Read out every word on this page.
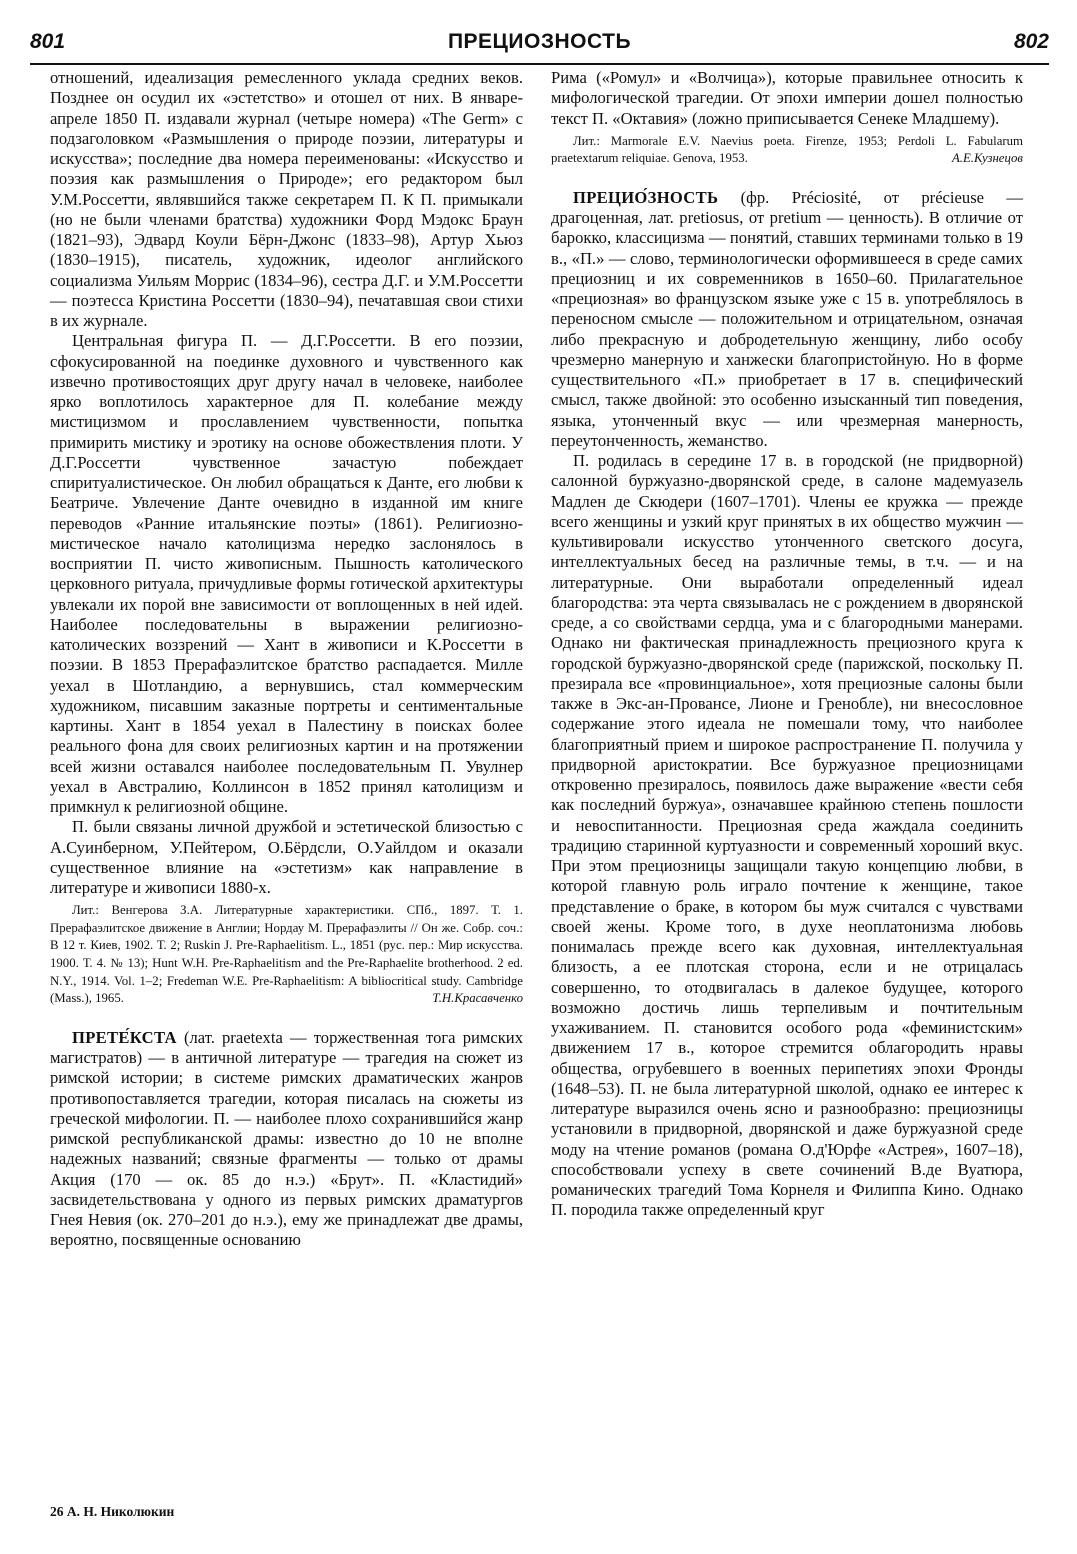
801	ПРЕЦИОЗНОСТЬ	802

отношений, идеализация ремесленного уклада средних веков. Позднее он осудил их «эстетство» и отошел от них. В январе-апреле 1850 П. издавали журнал (четыре номера) «The Germ» с подзаголовком «Размышления о природе поэзии, литературы и искусства»; последние два номера переименованы: «Искусство и поэзия как размышления о Природе»; его редактором был У.М.Россетти, являвшийся также секретарем П. К П. примыкали (но не были членами братства) художники Форд Мэдокс Браун (1821–93), Эдвард Коули Бёрн-Джонс (1833–98), Артур Хьюз (1830–1915), писатель, художник, идеолог английского социализма Уильям Моррис (1834–96), сестра Д.Г. и У.М.Россетти — поэтесса Кристина Россетти (1830–94), печатавшая свои стихи в их журнале.

Центральная фигура П. — Д.Г.Россетти. В его поэзии, сфокусированной на поединке духовного и чувственного как извечно противостоящих друг другу начал в человеке, наиболее ярко воплотилось характерное для П. колебание между мистицизмом и прославлением чувственности, попытка примирить мистику и эротику на основе обожествления плоти. У Д.Г.Россетти чувственное зачастую побеждает спиритуалистическое. Он любил обращаться к Данте, его любви к Беатриче. Увлечение Данте очевидно в изданной им книге переводов «Ранние итальянские поэты» (1861). Религиозно-мистическое начало католицизма нередко заслонялось в восприятии П. чисто живописным. Пышность католического церковного ритуала, причудливые формы готической архитектуры увлекали их порой вне зависимости от воплощенных в ней идей. Наиболее последовательны в выражении религиозно-католических воззрений — Хант в живописи и К.Россетти в поэзии. В 1853 Прерафаэлитское братство распадается. Милле уехал в Шотландию, а вернувшись, стал коммерческим художником, писавшим заказные портреты и сентиментальные картины. Хант в 1854 уехал в Палестину в поисках более реального фона для своих религиозных картин и на протяжении всей жизни оставался наиболее последовательным П. Увулнер уехал в Австралию, Коллинсон в 1852 принял католицизм и примкнул к религиозной общине.

П. были связаны личной дружбой и эстетической близостью с А.Суинберном, У.Пейтером, О.Бёрдсли, О.Уайлдом и оказали существенное влияние на «эстетизм» как направление в литературе и живописи 1880-х.

Лит.: Венгерова З.А. Литературные характеристики. СПб., 1897. Т. 1. Прерафаэлитское движение в Англии; Нордау М. Прерафаэлиты // Он же. Собр. соч.: В 12 т. Киев, 1902. Т. 2; Ruskin J. Pre-Raphaelitism. L., 1851 (рус. пер.: Мир искусства. 1900. Т. 4. № 13); Hunt W.H. Pre-Raphaelitism and the Pre-Raphaelite brotherhood. 2 ed. N.Y., 1914. Vol. 1–2; Fredeman W.E. Pre-Raphaelitism: A bibliocritical study. Cambridge (Mass.), 1965.	Т.Н.Красавченко

ПРЕТЕ́КСТА (лат. praetexta — торжественная тога римских магистратов) — в античной литературе — трагедия на сюжет из римской истории; в системе римских драматических жанров противопоставляется трагедии, которая писалась на сюжеты из греческой мифологии. П. — наиболее плохо сохранившийся жанр римской республиканской драмы: известно до 10 не вполне надежных названий; связные фрагменты — только от драмы Акция (170 — ок. 85 до н.э.) «Брут». П. «Кластидий» засвидетельствована у одного из первых римских драматургов Гнея Невия (ок. 270–201 до н.э.), ему же принадлежат две драмы, вероятно, посвященные основанию

Рима («Ромул» и «Волчица»), которые правильнее относить к мифологической трагедии. От эпохи империи дошел полностью текст П. «Октавия» (ложно приписывается Сенеке Младшему).

Лит.: Marmorale E.V. Naevius poeta. Firenze, 1953; Perdoli L. Fabularum praetextarum reliquiae. Genova, 1953.	А.Е.Кузнецов

ПРЕЦИО́ЗНОСТЬ (фр. Préciosité, от précieuse — драгоценная, лат. pretiosus, от pretium — ценность). В отличие от барокко, классицизма — понятий, ставших терминами только в 19 в., «П.» — слово, терминологически оформившееся в среде самих прециозниц и их современников в 1650–60. Прилагательное «прециозная» во французском языке уже с 15 в. употреблялось в переносном смысле — положительном и отрицательном, означая либо прекрасную и добродетельную женщину, либо особу чрезмерно манерную и ханжески благопристойную. Но в форме существительного «П.» приобретает в 17 в. специфический смысл, также двойной: это особенно изысканный тип поведения, языка, утонченный вкус — или чрезмерная манерность, переутонченность, жеманство.

П. родилась в середине 17 в. в городской (не придворной) салонной буржуазно-дворянской среде, в салоне мадемуазель Мадлен де Скюдери (1607–1701). Члены ее кружка — прежде всего женщины и узкий круг принятых в их общество мужчин — культивировали искусство утонченного светского досуга, интеллектуальных бесед на различные темы, в т.ч. — и на литературные. Они выработали определенный идеал благородства: эта черта связывалась не с рождением в дворянской среде, а со свойствами сердца, ума и с благородными манерами. Однако ни фактическая принадлежность прециозного круга к городской буржуазно-дворянской среде (парижской, поскольку П. презирала все «провинциальное», хотя прециозные салоны были также в Экс-ан-Провансе, Лионе и Гренобле), ни внесословное содержание этого идеала не помешали тому, что наиболее благоприятный прием и широкое распространение П. получила у придворной аристократии. Все буржуазное прециозницами откровенно презиралось, появилось даже выражение «вести себя как последний буржуа», означавшее крайнюю степень пошлости и невоспитанности. Прециозная среда жаждала соединить традицию старинной куртуазности и современный хороший вкус. При этом прециозницы защищали такую концепцию любви, в которой главную роль играло почтение к женщине, такое представление о браке, в котором бы муж считался с чувствами своей жены. Кроме того, в духе неоплатонизма любовь понималась прежде всего как духовная, интеллектуальная близость, а ее плотская сторона, если и не отрицалась совершенно, то отодвигалась в далекое будущее, которого возможно достичь лишь терпеливым и почтительным ухаживанием. П. становится особого рода «феминистским» движением 17 в., которое стремится облагородить нравы общества, огрубевшего в военных перипетиях эпохи Фронды (1648–53). П. не была литературной школой, однако ее интерес к литературе выразился очень ясно и разнообразно: прециозницы установили в придворной, дворянской и даже буржуазной среде моду на чтение романов (романа О.д'Юрфе «Астрея», 1607–18), способствовали успеху в свете сочинений В.де Вуатюра, романических трагедий Тома Корнеля и Филиппа Кино. Однако П. породила также определенный круг

26 А. Н. Николюкин
